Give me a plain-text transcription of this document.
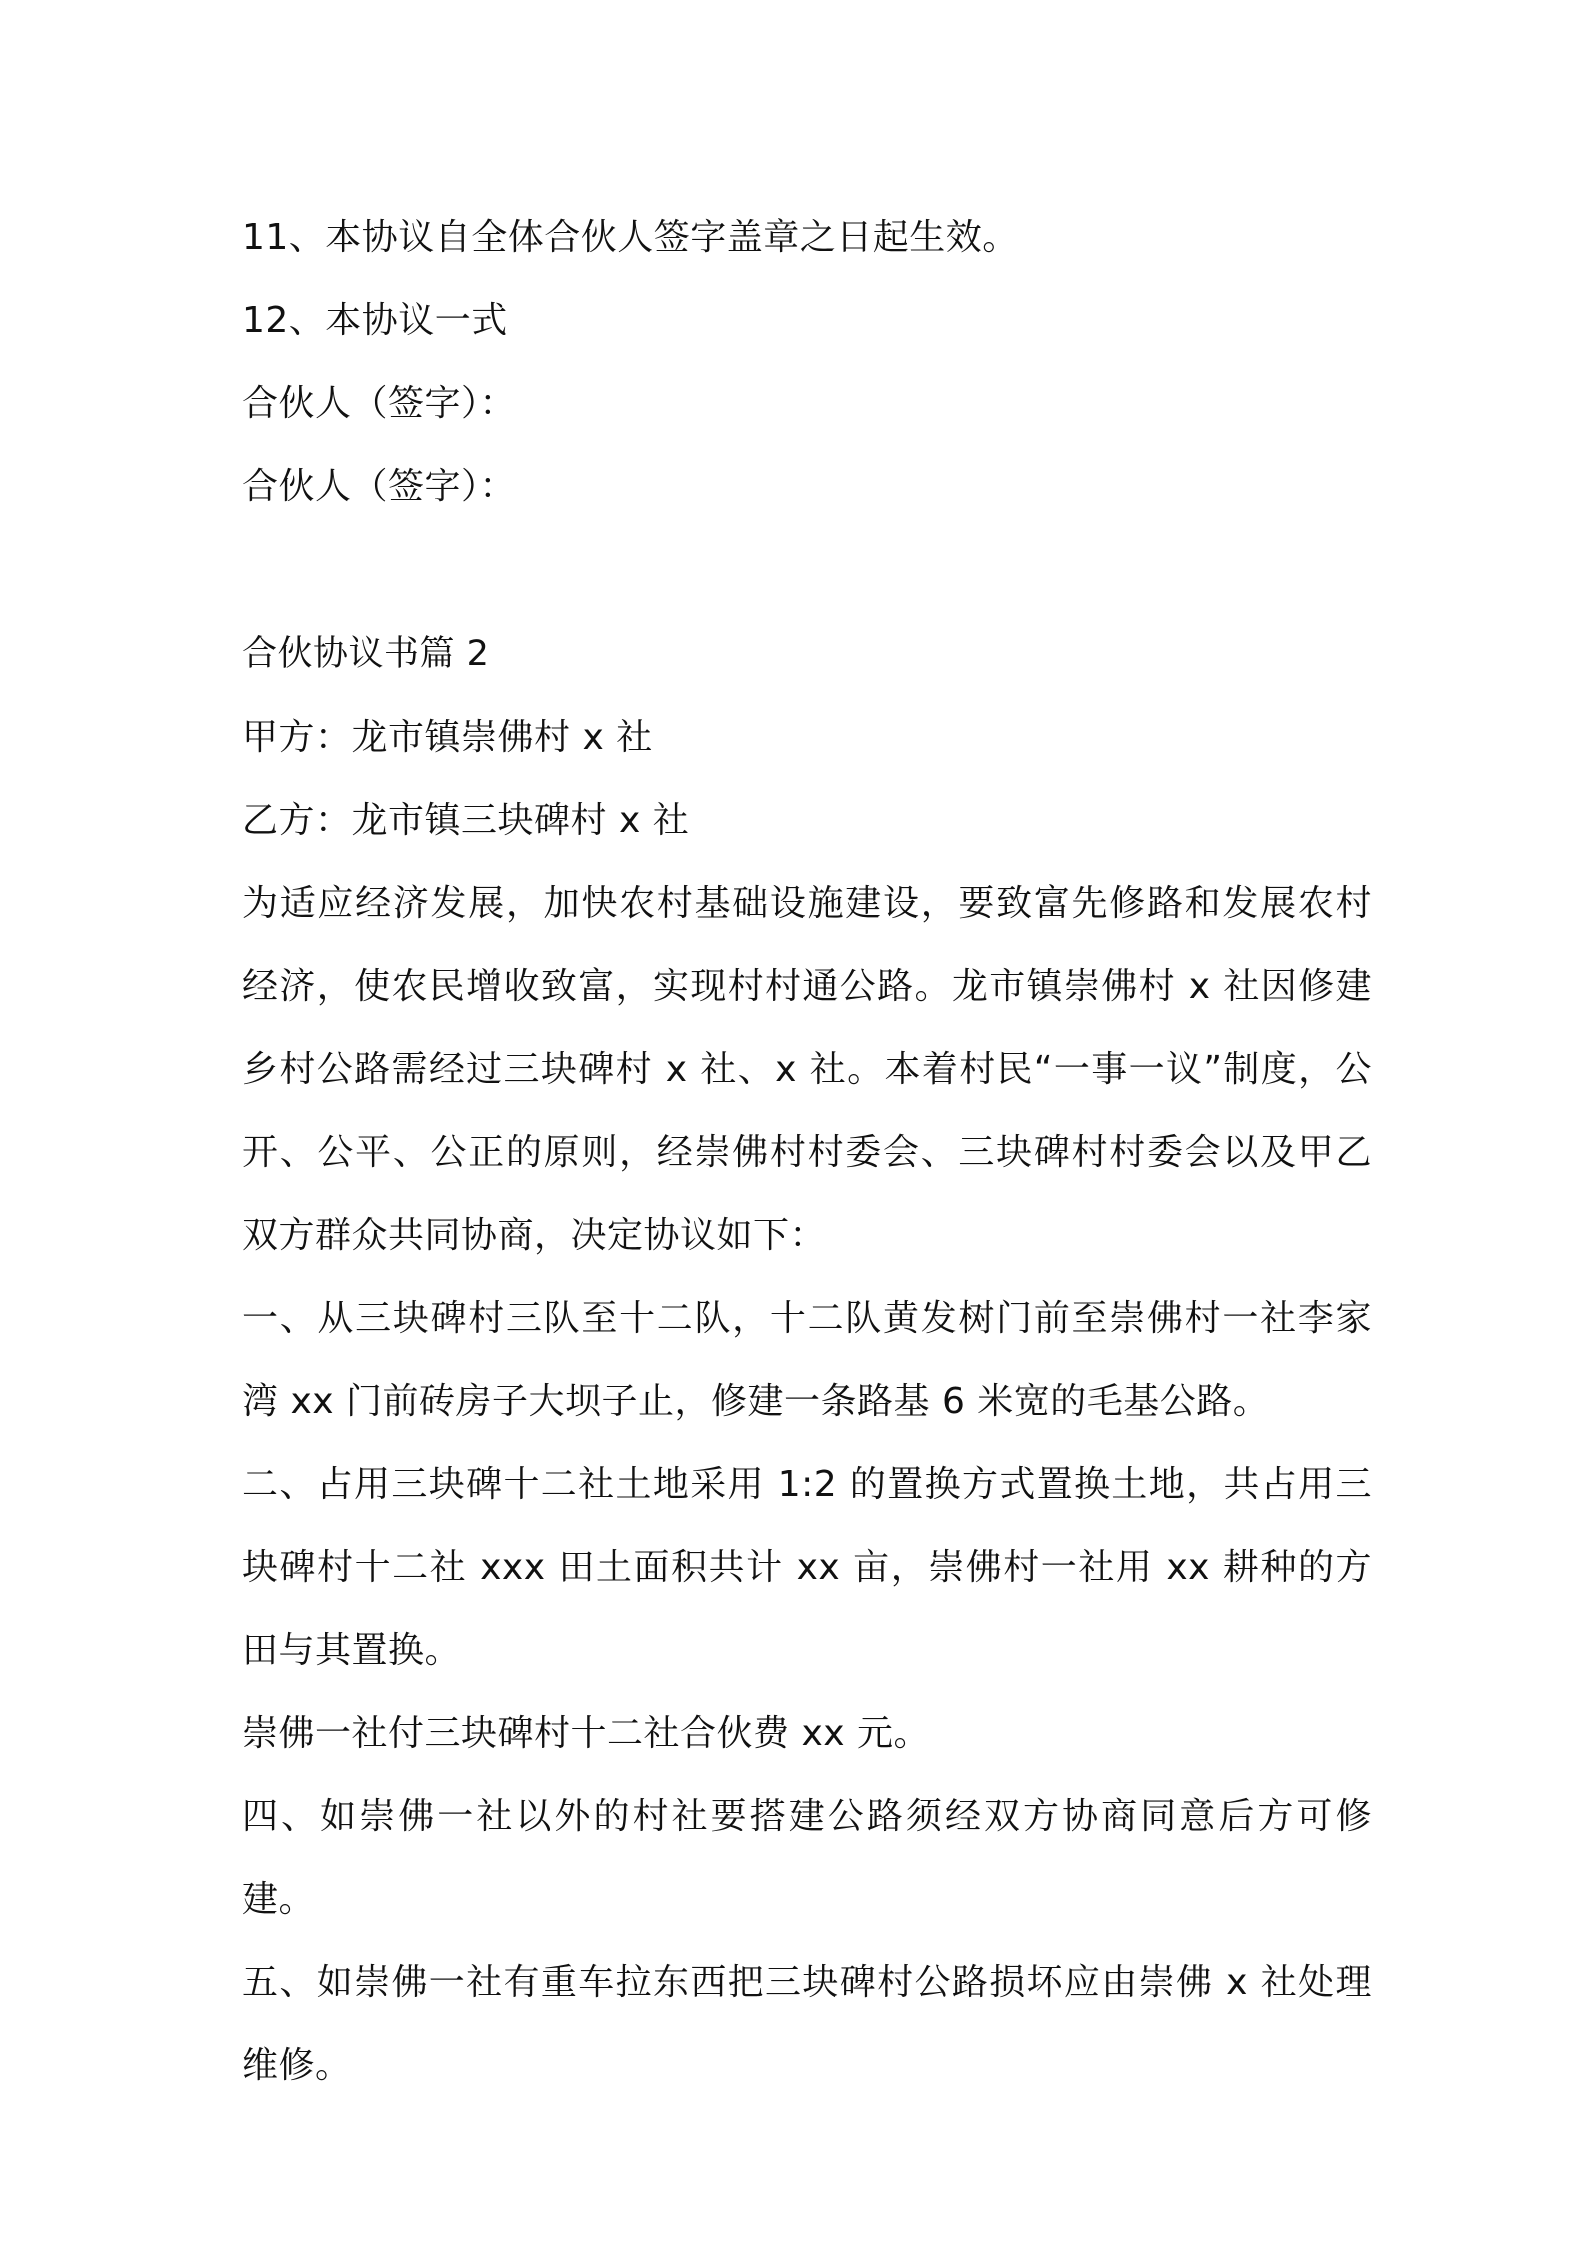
11、本协议自全体合伙人签字盖章之日起生效。
12、本协议一式
合伙人（签字）：
合伙人（签字）：
合伙协议书篇 2
甲方：龙市镇崇佛村 x 社
乙方：龙市镇三块碑村 x 社
为适应经济发展，加快农村基础设施建设，要致富先修路和发展农村经济，使农民增收致富，实现村村通公路。龙市镇崇佛村 x 社因修建乡村公路需经过三块碑村 x 社、x 社。本着村民“一事一议”制度，公开、公平、公正的原则，经崇佛村村委会、三块碑村村委会以及甲乙双方群众共同协商，决定协议如下：
一、从三块碑村三队至十二队，十二队黄发树门前至崇佛村一社李家湾 xx 门前砖房子大坝子止，修建一条路基 6 米宽的毛基公路。
二、占用三块碑十二社土地采用 1:2 的置换方式置换土地，共占用三块碑村十二社 xxx 田土面积共计 xx 亩，崇佛村一社用 xx 耕种的方田与其置换。
崇佛一社付三块碑村十二社合伙费 xx 元。
四、如崇佛一社以外的村社要搭建公路须经双方协商同意后方可修建。
五、如崇佛一社有重车拉东西把三块碑村公路损坏应由崇佛 x 社处理维修。
